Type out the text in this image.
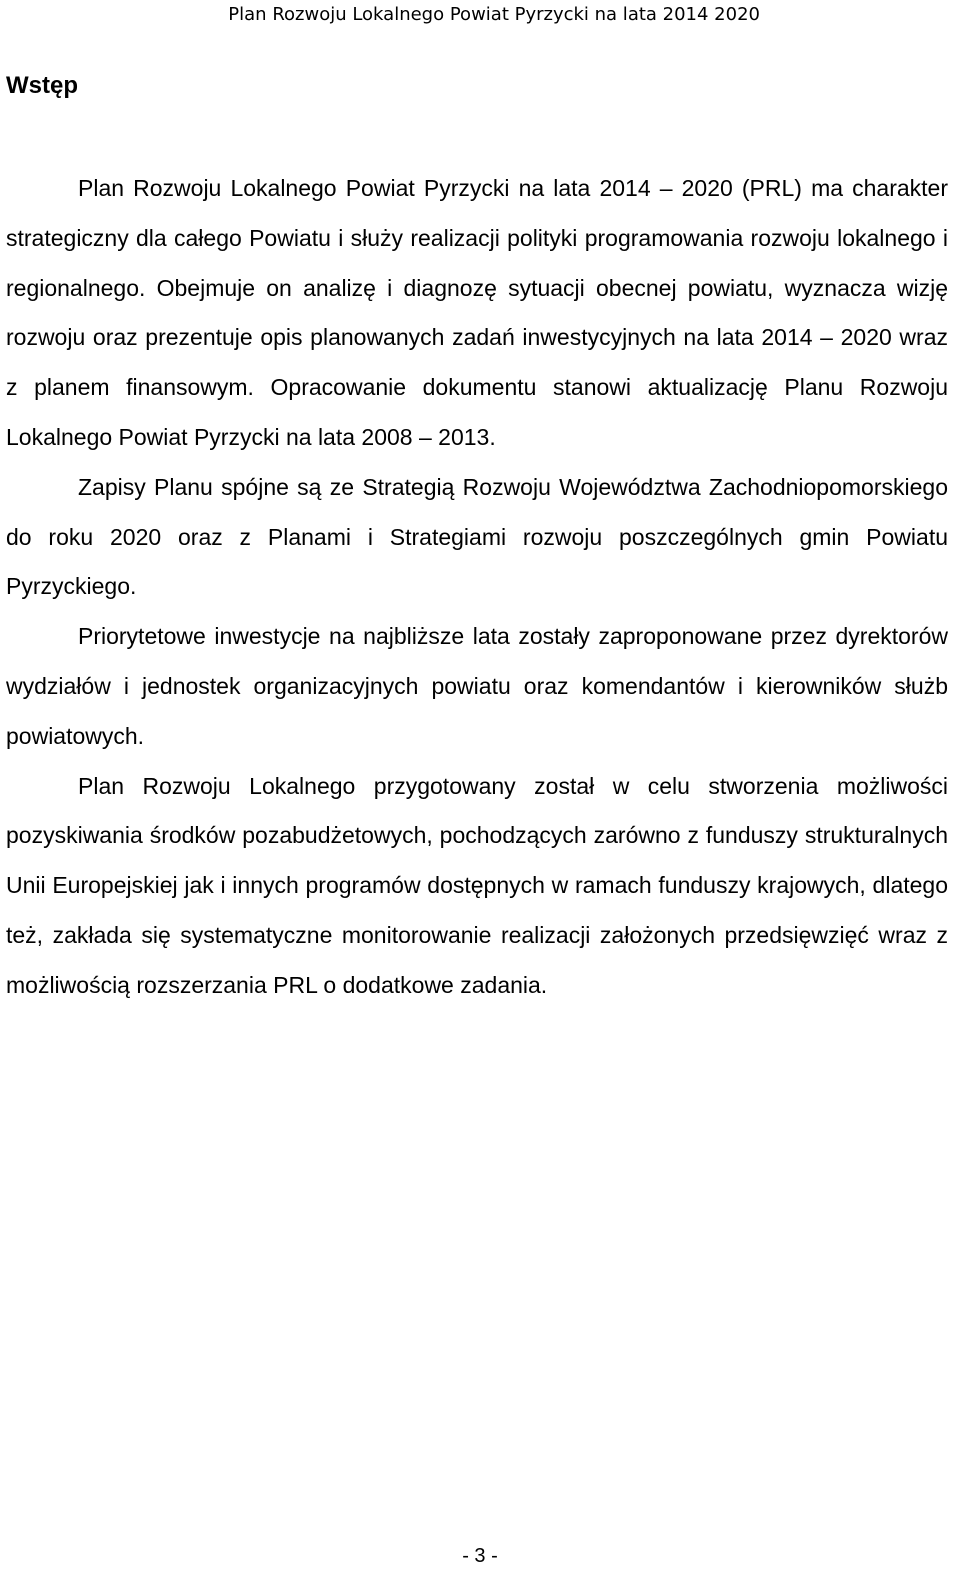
Plan Rozwoju Lokalnego Powiat Pyrzycki na lata 2014 2020
Wstęp

Plan Rozwoju Lokalnego Powiat Pyrzycki na lata 2014 – 2020 (PRL) ma charakter strategiczny dla całego Powiatu i służy realizacji polityki programowania rozwoju lokalnego i regionalnego. Obejmuje on analizę i diagnozę sytuacji obecnej powiatu, wyznacza wizję rozwoju oraz prezentuje opis planowanych zadań inwestycyjnych na lata 2014 – 2020 wraz z planem finansowym. Opracowanie dokumentu stanowi aktualizację Planu Rozwoju Lokalnego Powiat Pyrzycki na lata 2008 – 2013.

Zapisy Planu spójne są ze Strategią Rozwoju Województwa Zachodniopomorskiego do roku 2020 oraz z Planami i Strategiami rozwoju poszczególnych gmin Powiatu Pyrzyckiego.

Priorytetowe inwestycje na najbliższe lata zostały zaproponowane przez dyrektorów wydziałów i jednostek organizacyjnych powiatu oraz komendantów i kierowników służb powiatowych.

Plan Rozwoju Lokalnego przygotowany został w celu stworzenia możliwości pozyskiwania środków pozabudżetowych, pochodzących zarówno z funduszy strukturalnych Unii Europejskiej jak i innych programów dostępnych w ramach funduszy krajowych, dlatego też, zakłada się systematyczne monitorowanie realizacji założonych przedsięwzięć wraz z możliwością rozszerzania PRL o dodatkowe zadania.

- 3 -
